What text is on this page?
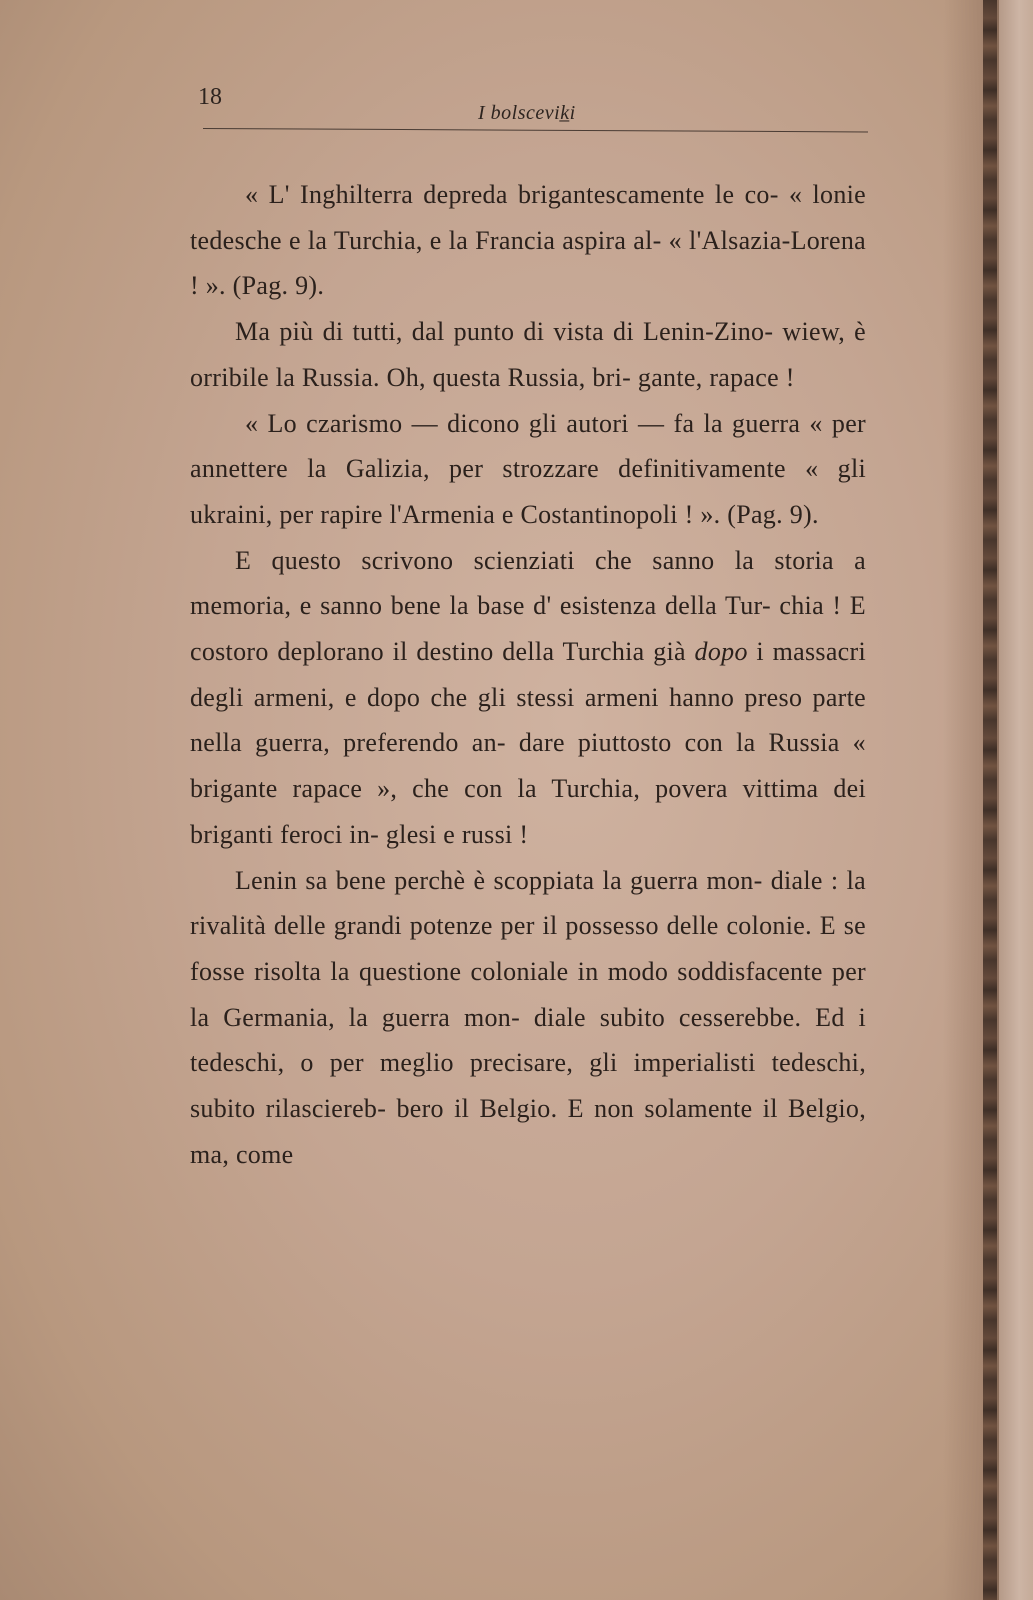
18
I bolscevik̲i

« L' Inghilterra depreda brigantescamente le co- « lonie tedesche e la Turchia, e la Francia aspira al- « l'Alsazia-Lorena ! ». (Pag. 9).

Ma più di tutti, dal punto di vista di Lenin-Zino- wiew, è orribile la Russia. Oh, questa Russia, bri- gante, rapace !

« Lo czarismo — dicono gli autori — fa la guerra « per annettere la Galizia, per strozzare definitivamente « gli ukraini, per rapire l'Armenia e Costantinopoli ! ». (Pag. 9).

E questo scrivono scienziati che sanno la storia a memoria, e sanno bene la base d' esistenza della Tur- chia ! E costoro deplorano il destino della Turchia già dopo i massacri degli armeni, e dopo che gli stessi armeni hanno preso parte nella guerra, preferendo an- dare piuttosto con la Russia « brigante rapace », che con la Turchia, povera vittima dei briganti feroci in- glesi e russi !

Lenin sa bene perchè è scoppiata la guerra mon- diale : la rivalità delle grandi potenze per il possesso delle colonie. E se fosse risolta la questione coloniale in modo soddisfacente per la Germania, la guerra mon- diale subito cesserebbe. Ed i tedeschi, o per meglio precisare, gli imperialisti tedeschi, subito rilasciereb- bero il Belgio. E non solamente il Belgio, ma, come
